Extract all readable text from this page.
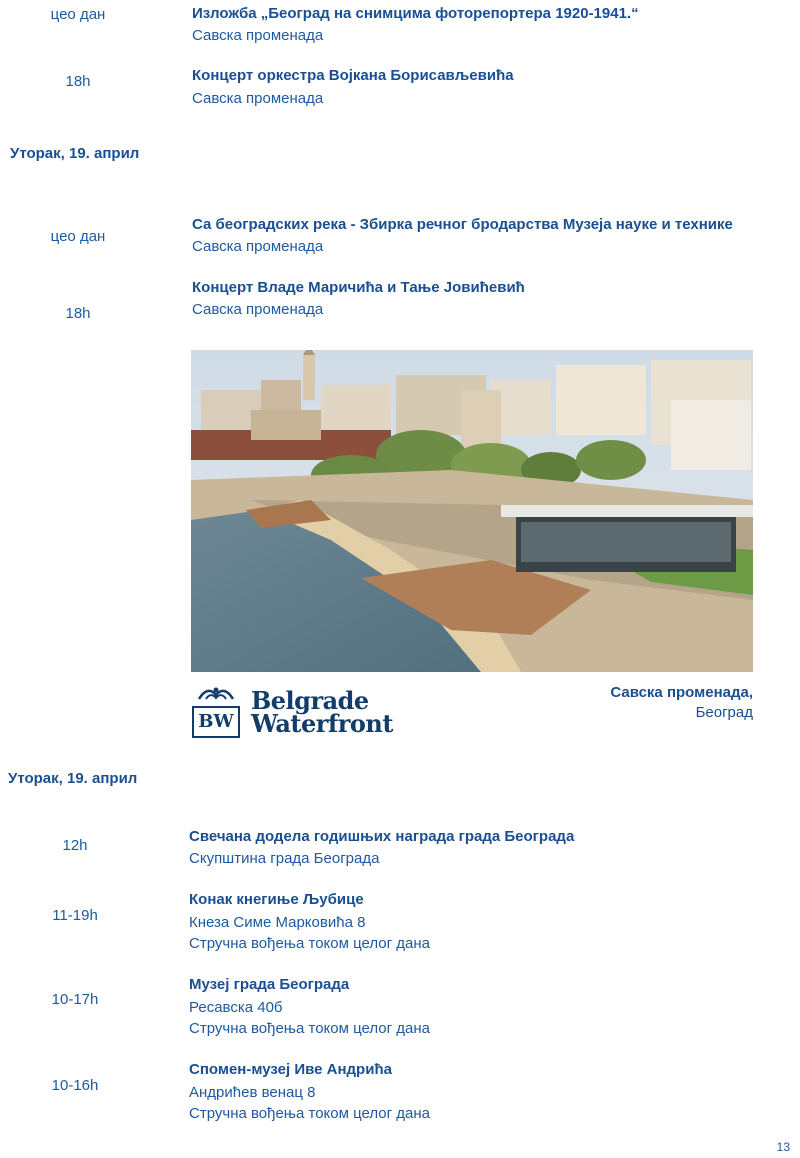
цео дан	Изложба „Београд на снимцима фоторепортера 1920-1941.“
Савска променада
18h	Концерт оркестра Војкана Борисављевића
Савска променада
Уторак, 19. април
цео дан
Са београдских река - Збирка речног бродарства Музеја науке и технике
Савска променада
18h
Концерт Владе Маричића и Тање Јовићевић
Савска променада
BW
Belgrade
Waterfront
Савска променада,
Београд
Уторак, 19. април
12h
Свечана додела годишњих награда града Београда
Скупштина града Београда
11-19h
Конак кнегиње Љубице
Кнеза Симе Марковића 8
Стручна вођења током целог дана
10-17h
Музеј града Београда
Ресавска 40б
Стручна вођења током целог дана
10-16h
Спомен-музеј Иве Андрића
Андрићев венац 8
Стручна вођења током целог дана
13
